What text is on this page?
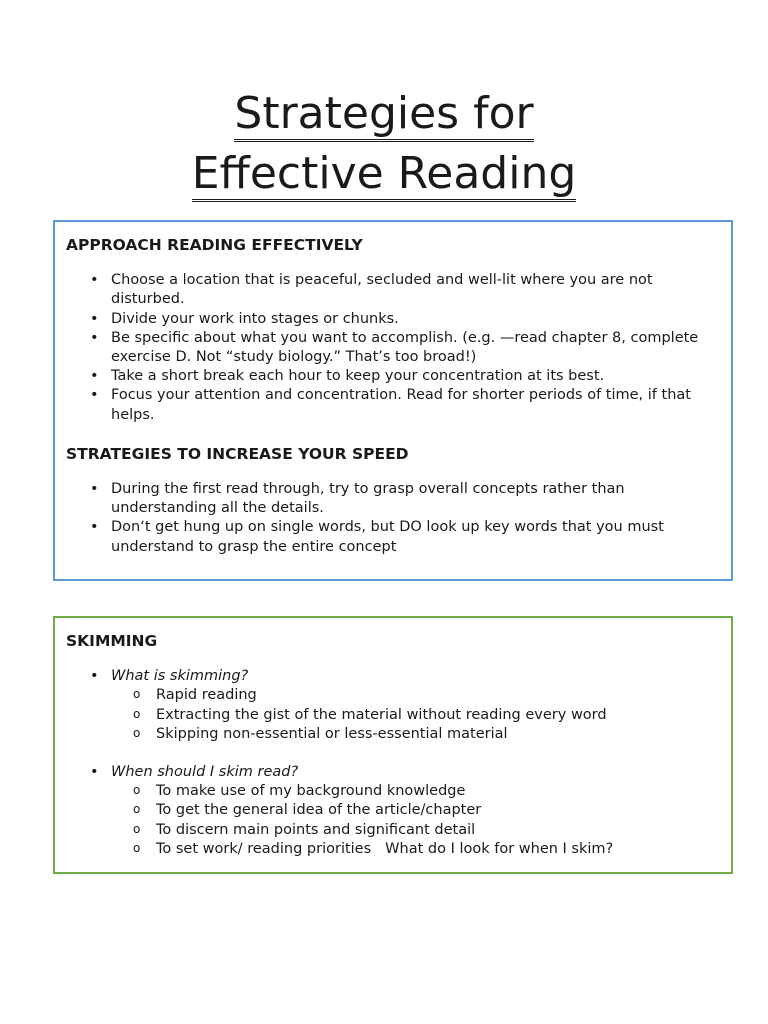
Strategies for
Effective Reading
APPROACH READING EFFECTIVELY
• Choose a location that is peaceful, secluded and well-lit where you are not disturbed.
• Divide your work into stages or chunks.
• Be specific about what you want to accomplish. (e.g. —read chapter 8, complete exercise D. Not “study biology.” That’s too broad!)
• Take a short break each hour to keep your concentration at its best.
• Focus your attention and concentration. Read for shorter periods of time, if that helps.
STRATEGIES TO INCREASE YOUR SPEED
• During the first read through, try to grasp overall concepts rather than understanding all the details.
• Don‘t get hung up on single words, but DO look up key words that you must understand to grasp the entire concept
SKIMMING
• What is skimming?
o Rapid reading
o Extracting the gist of the material without reading every word
o Skipping non-essential or less-essential material
• When should I skim read?
o To make use of my background knowledge
o To get the general idea of the article/chapter
o To discern main points and significant detail
o To set work/ reading priorities What do I look for when I skim?
